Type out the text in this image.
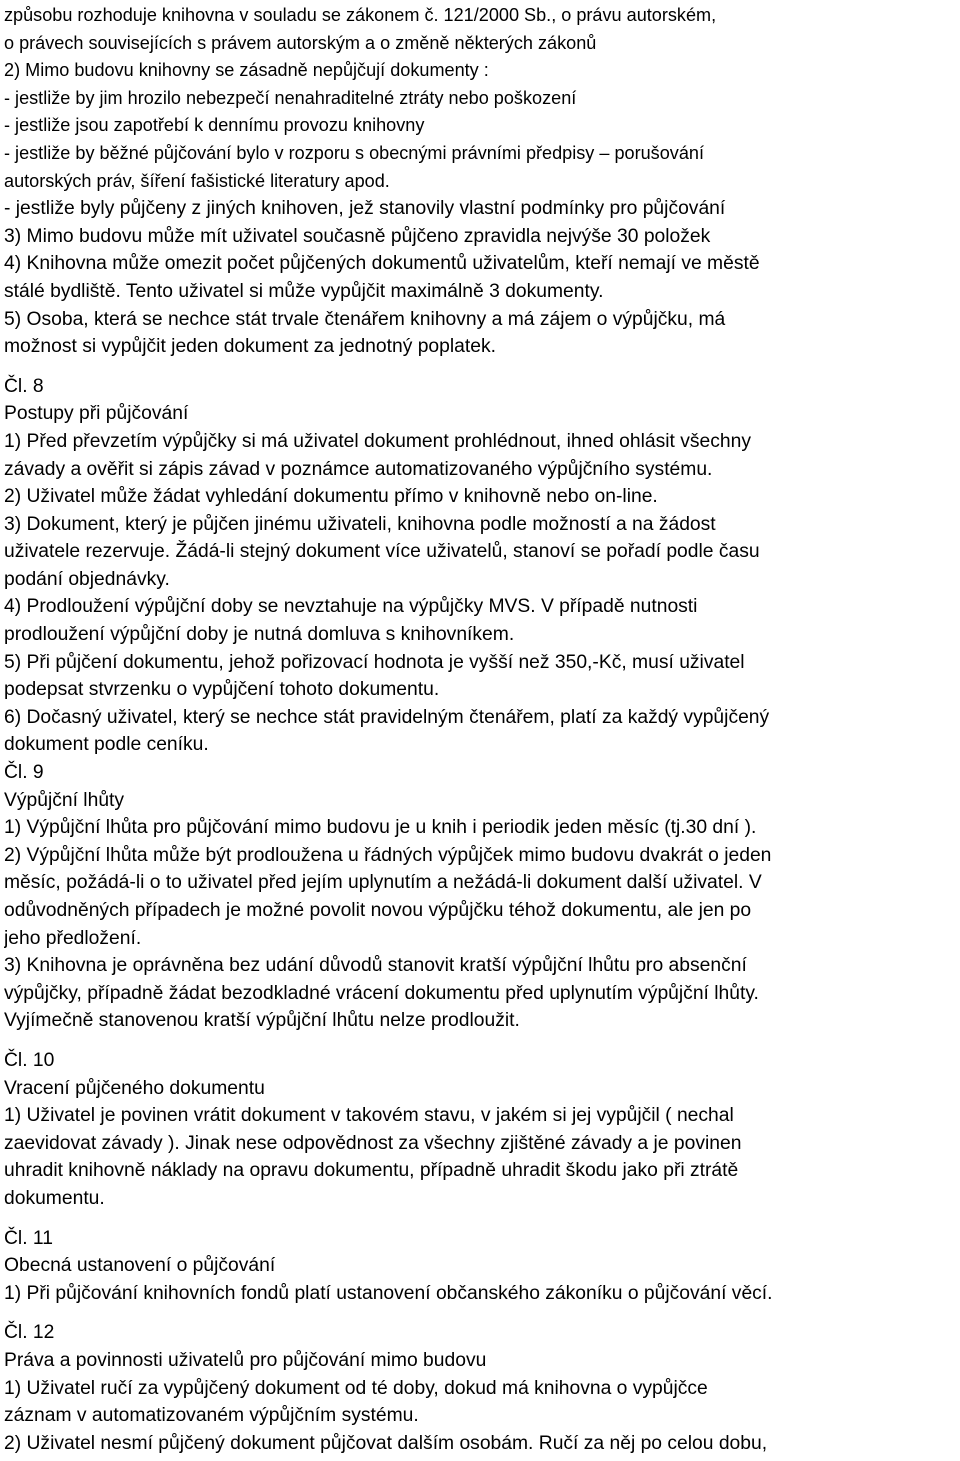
způsobu rozhoduje knihovna v souladu se zákonem č. 121/2000 Sb., o právu autorském,
o právech souvisejících s právem autorským a o změně některých zákonů
2) Mimo budovu knihovny se zásadně nepůjčují dokumenty :
- jestliže by jim hrozilo nebezpečí nenahraditelné ztráty nebo poškození
- jestliže jsou zapotřebí k dennímu provozu knihovny
- jestliže by běžné půjčování bylo v rozporu s obecnými právními předpisy – porušování
autorských práv, šíření fašistické literatury apod.
- jestliže byly půjčeny z jiných knihoven, jež stanovily vlastní podmínky pro půjčování
3) Mimo budovu může mít uživatel současně půjčeno zpravidla nejvýše 30 položek
4) Knihovna může omezit počet půjčených dokumentů uživatelům, kteří nemají ve městě
stálé bydliště. Tento uživatel si může vypůjčit maximálně 3 dokumenty.
5) Osoba, která se nechce stát trvale čtenářem knihovny a má zájem o výpůjčku, má
možnost si vypůjčit jeden dokument za jednotný poplatek.
Čl. 8
Postupy při půjčování
1) Před převzetím výpůjčky si má uživatel dokument prohlédnout, ihned ohlásit všechny
závady a ověřit si zápis závad v poznámce automatizovaného výpůjčního systému.
2) Uživatel může žádat vyhledání dokumentu přímo v knihovně nebo on-line.
3) Dokument, který je půjčen jinému uživateli, knihovna podle možností a na žádost
uživatele rezervuje. Žádá-li stejný dokument více uživatelů, stanoví se pořadí podle času
podání objednávky.
4) Prodloužení výpůjční doby se nevztahuje na výpůjčky MVS. V případě nutnosti
prodloužení výpůjční doby je nutná domluva s knihovníkem.
5) Při půjčení dokumentu, jehož pořizovací hodnota je vyšší než 350,-Kč, musí uživatel
podepsat stvrzenku o vypůjčení tohoto dokumentu.
6) Dočasný uživatel, který se nechce stát pravidelným čtenářem, platí za každý vypůjčený
dokument podle ceníku.
Čl. 9
Výpůjční lhůty
1) Výpůjční lhůta pro půjčování mimo budovu je u knih i periodik jeden měsíc (tj.30 dní ).
2) Výpůjční lhůta může být prodloužena u řádných výpůjček mimo budovu dvakrát o jeden
měsíc, požádá-li o to uživatel před jejím uplynutím a nežádá-li dokument další uživatel. V
odůvodněných případech je možné povolit novou výpůjčku téhož dokumentu, ale jen po
jeho předložení.
3) Knihovna je oprávněna bez udání důvodů stanovit kratší výpůjční lhůtu pro absenční
výpůjčky, případně žádat bezodkladné vrácení dokumentu před uplynutím výpůjční lhůty.
Vyjímečně stanovenou kratší výpůjční lhůtu nelze prodloužit.
Čl. 10
Vracení půjčeného dokumentu
1) Uživatel je povinen vrátit dokument v takovém stavu, v jakém si jej vypůjčil ( nechal
zaevidovat závady ). Jinak nese odpovědnost za všechny zjištěné závady a je povinen
uhradit knihovně náklady na opravu dokumentu, případně uhradit škodu jako při ztrátě
dokumentu.
Čl. 11
Obecná ustanovení o půjčování
1) Při půjčování knihovních fondů platí ustanovení občanského zákoníku o půjčování věcí.
Čl. 12
Práva a povinnosti uživatelů pro půjčování mimo budovu
1) Uživatel ručí za vypůjčený dokument od té doby, dokud má knihovna o vypůjčce
záznam v automatizovaném výpůjčním systému.
2) Uživatel nesmí půjčený dokument půjčovat dalším osobám. Ručí za něj po celou dobu,
